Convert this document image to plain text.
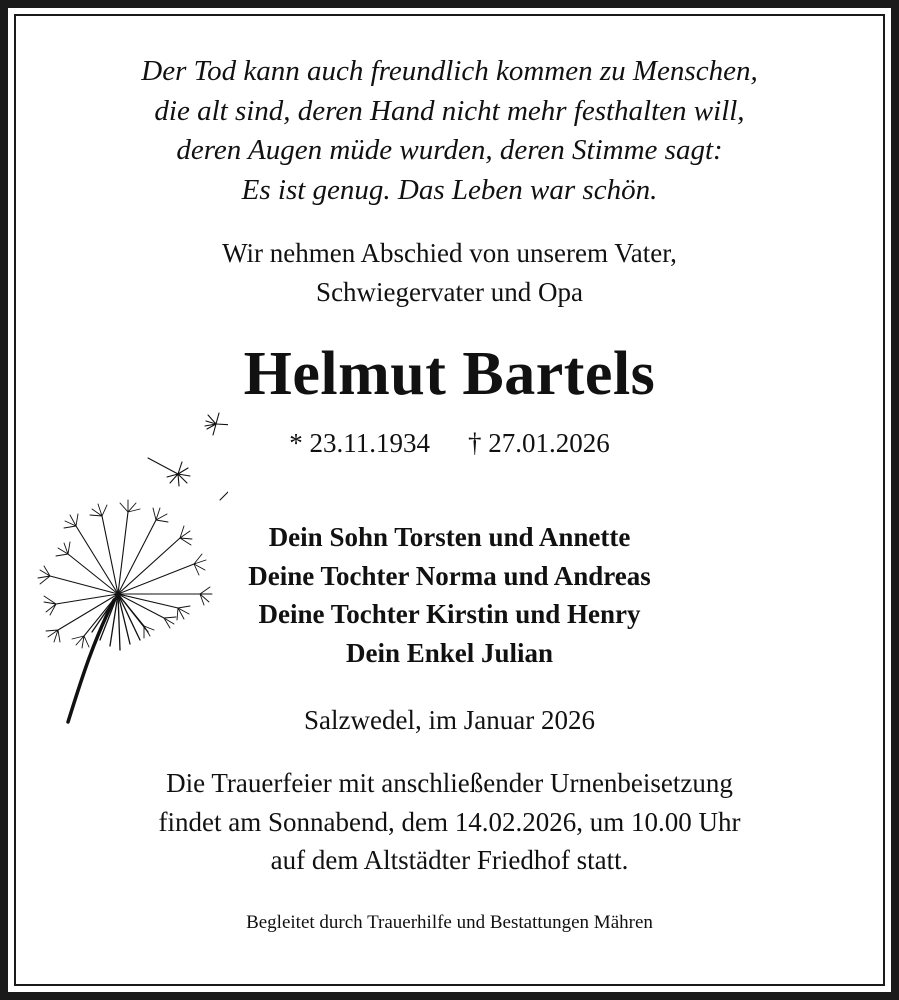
Der Tod kann auch freundlich kommen zu Menschen,
die alt sind, deren Hand nicht mehr festhalten will,
deren Augen müde wurden, deren Stimme sagt:
Es ist genug. Das Leben war schön.
Wir nehmen Abschied von unserem Vater,
Schwiegervater und Opa
Helmut Bartels
* 23.11.1934 † 27.01.2026
Dein Sohn Torsten und Annette
Deine Tochter Norma und Andreas
Deine Tochter Kirstin und Henry
Dein Enkel Julian
Salzwedel, im Januar 2026
Die Trauerfeier mit anschließender Urnenbeisetzung
findet am Sonnabend, dem 14.02.2026, um 10.00 Uhr
auf dem Altstädter Friedhof statt.
Begleitet durch Trauerhilfe und Bestattungen Mähren
